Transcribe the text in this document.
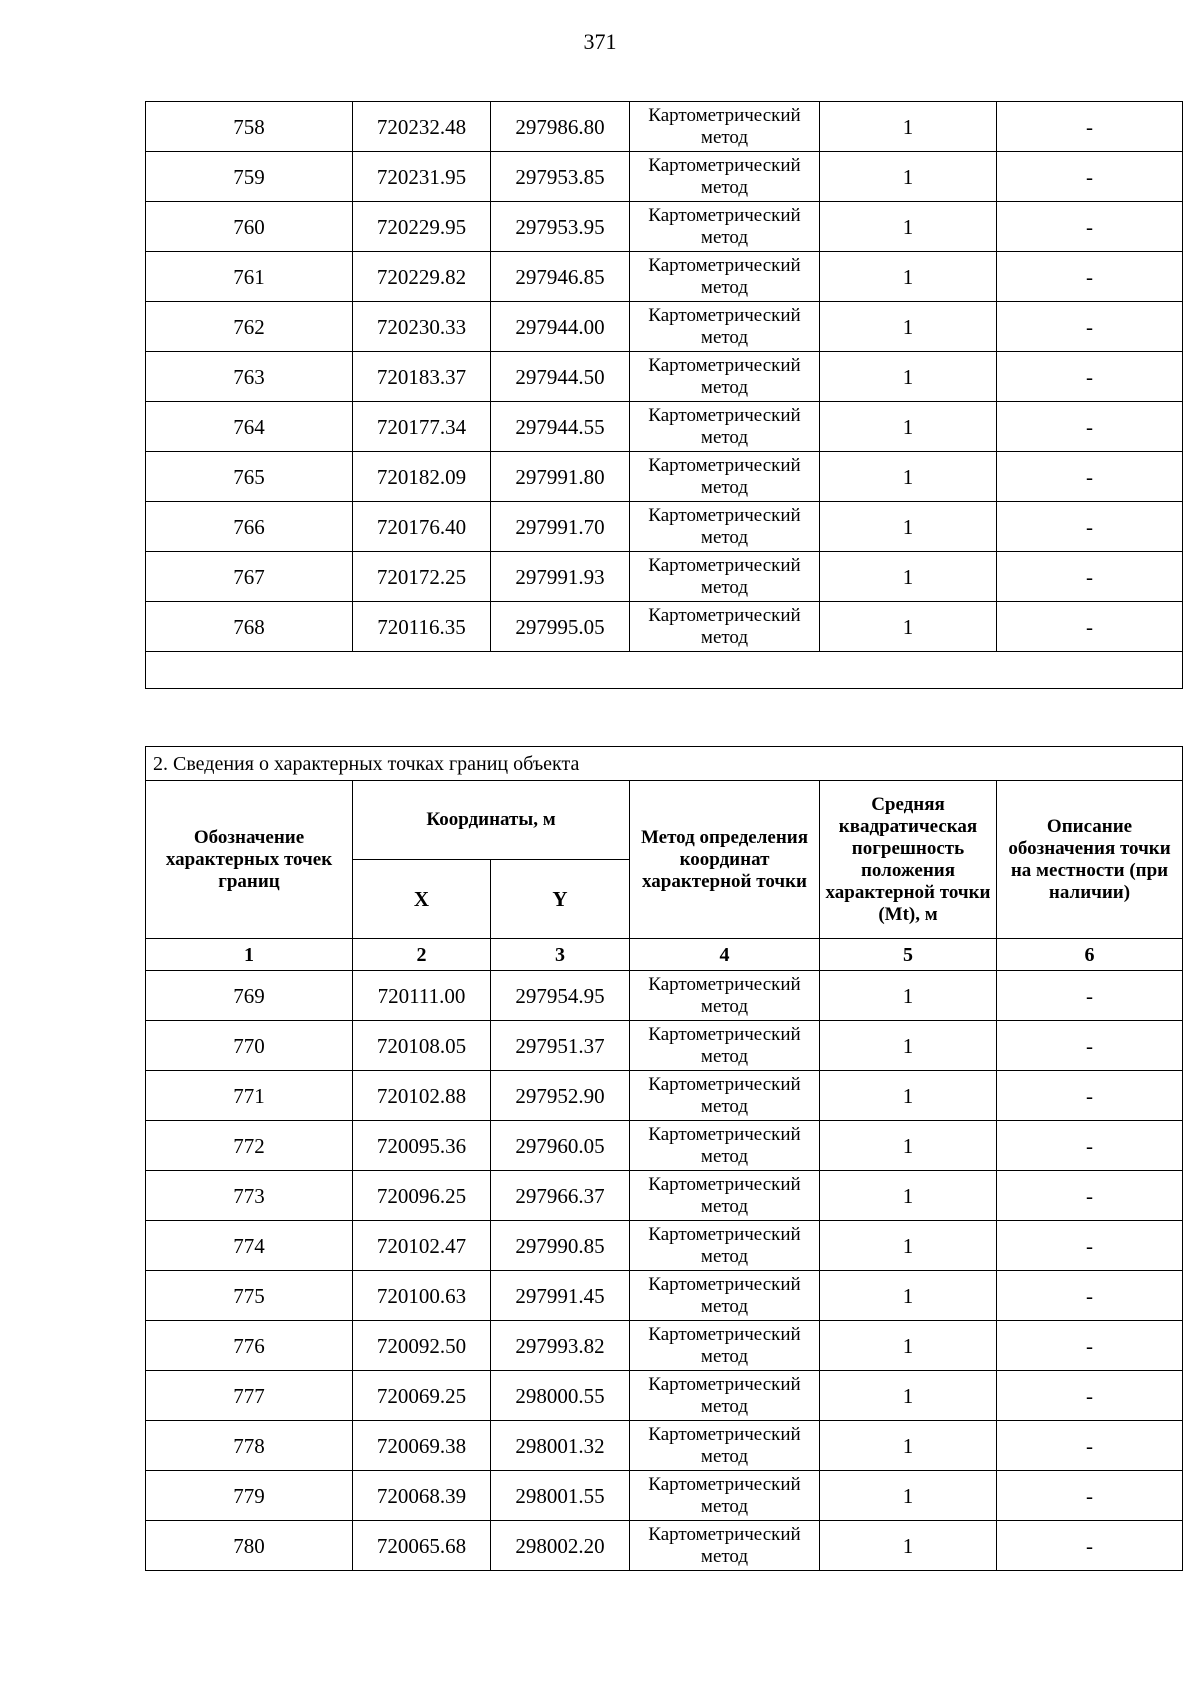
371
758	720232.48	297986.80	Картометрический метод	1	-
759	720231.95	297953.85	Картометрический метод	1	-
760	720229.95	297953.95	Картометрический метод	1	-
761	720229.82	297946.85	Картометрический метод	1	-
762	720230.33	297944.00	Картометрический метод	1	-
763	720183.37	297944.50	Картометрический метод	1	-
764	720177.34	297944.55	Картометрический метод	1	-
765	720182.09	297991.80	Картометрический метод	1	-
766	720176.40	297991.70	Картометрический метод	1	-
767	720172.25	297991.93	Картометрический метод	1	-
768	720116.35	297995.05	Картометрический метод	1	-

2. Сведения о характерных точках границ объекта					
Обозначение характерных точек границ	Координаты, м		Метод определения координат характерной точки	Средняя квадратическая погрешность положения характерной точки (Mt), м	Описание обозначения точки на местности (при наличии)
	X	Y			
1	2	3	4	5	6
769	720111.00	297954.95	Картометрический метод	1	-
770	720108.05	297951.37	Картометрический метод	1	-
771	720102.88	297952.90	Картометрический метод	1	-
772	720095.36	297960.05	Картометрический метод	1	-
773	720096.25	297966.37	Картометрический метод	1	-
774	720102.47	297990.85	Картометрический метод	1	-
775	720100.63	297991.45	Картометрический метод	1	-
776	720092.50	297993.82	Картометрический метод	1	-
777	720069.25	298000.55	Картометрический метод	1	-
778	720069.38	298001.32	Картометрический метод	1	-
779	720068.39	298001.55	Картометрический метод	1	-
780	720065.68	298002.20	Картометрический метод	1	-
